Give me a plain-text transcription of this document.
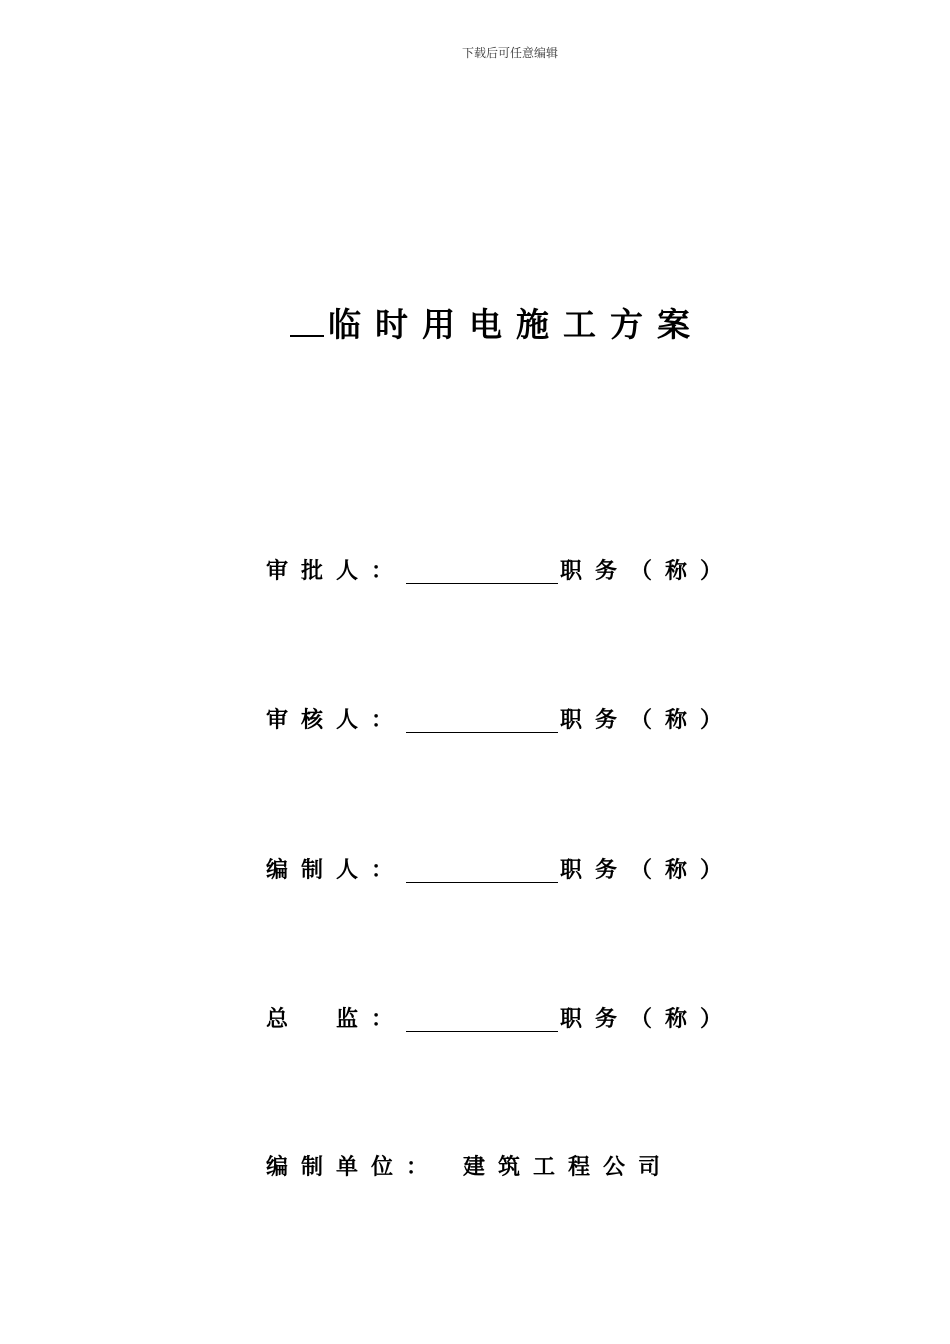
下载后可任意编辑
临时用电施工方案
审批人：	职务（称）
审核人：	职务（称）
编制人：	职务（称）
总　监：	职务（称）
编制单位： 建筑工程公司
